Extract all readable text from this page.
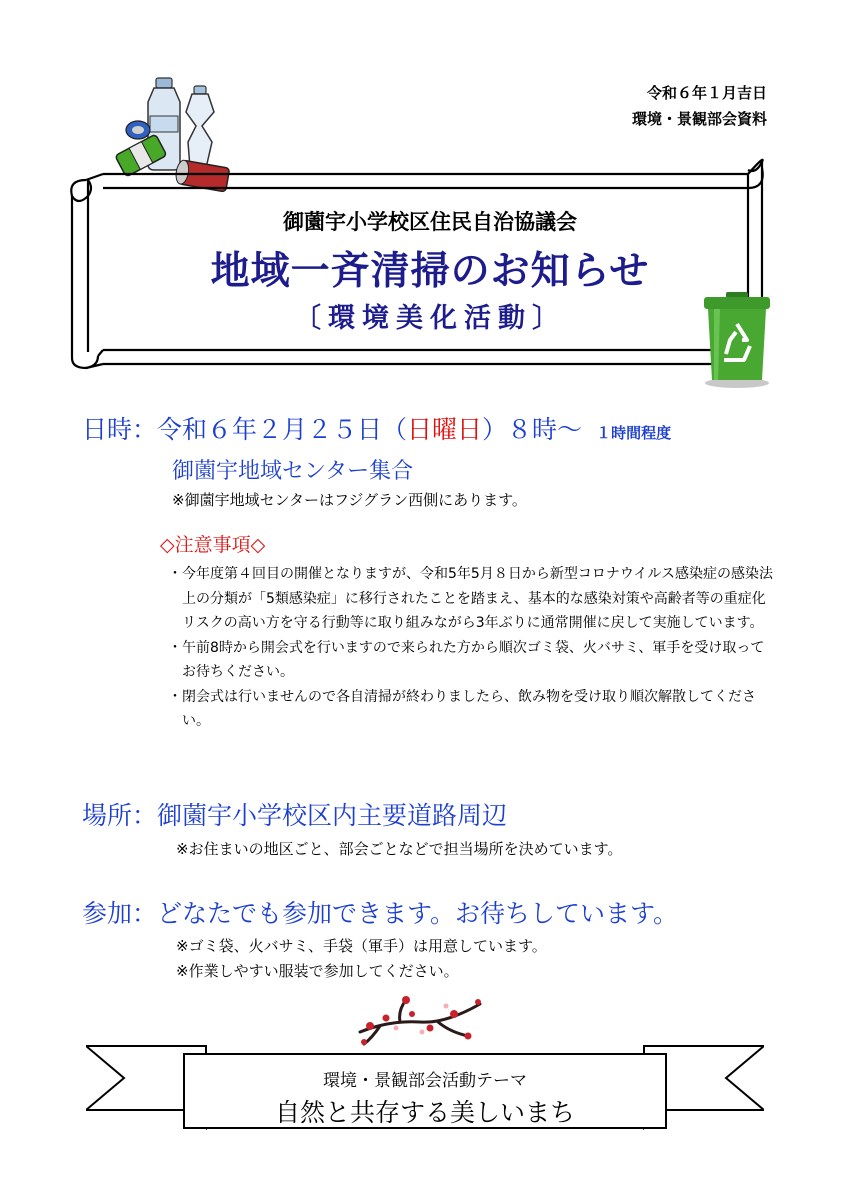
令和６年１月吉日
環境・景観部会資料
御薗宇小学校区住民自治協議会
地域一斉清掃のお知らせ
〔環境美化活動〕
日時：令和６年２月２５日（日曜日）８時～ １時間程度
御薗宇地域センター集合
※御薗宇地域センターはフジグラン西側にあります。
◇注意事項◇
・今年度第４回目の開催となりますが、令和5年5月８日から新型コロナウイルス感染症の感染法上の分類が「5類感染症」に移行されたことを踏まえ、基本的な感染対策や高齢者等の重症化リスクの高い方を守る行動等に取り組みながら3年ぶりに通常開催に戻して実施しています。
・午前8時から開会式を行いますので来られた方から順次ゴミ袋、火バサミ、軍手を受け取ってお待ちください。
・閉会式は行いませんので各自清掃が終わりましたら、飲み物を受け取り順次解散してください。
場所：御薗宇小学校区内主要道路周辺
※お住まいの地区ごと、部会ごとなどで担当場所を決めています。
参加：どなたでも参加できます。お待ちしています。
※ゴミ袋、火バサミ、手袋（軍手）は用意しています。
※作業しやすい服装で参加してください。
環境・景観部会活動テーマ
自然と共存する美しいまち
